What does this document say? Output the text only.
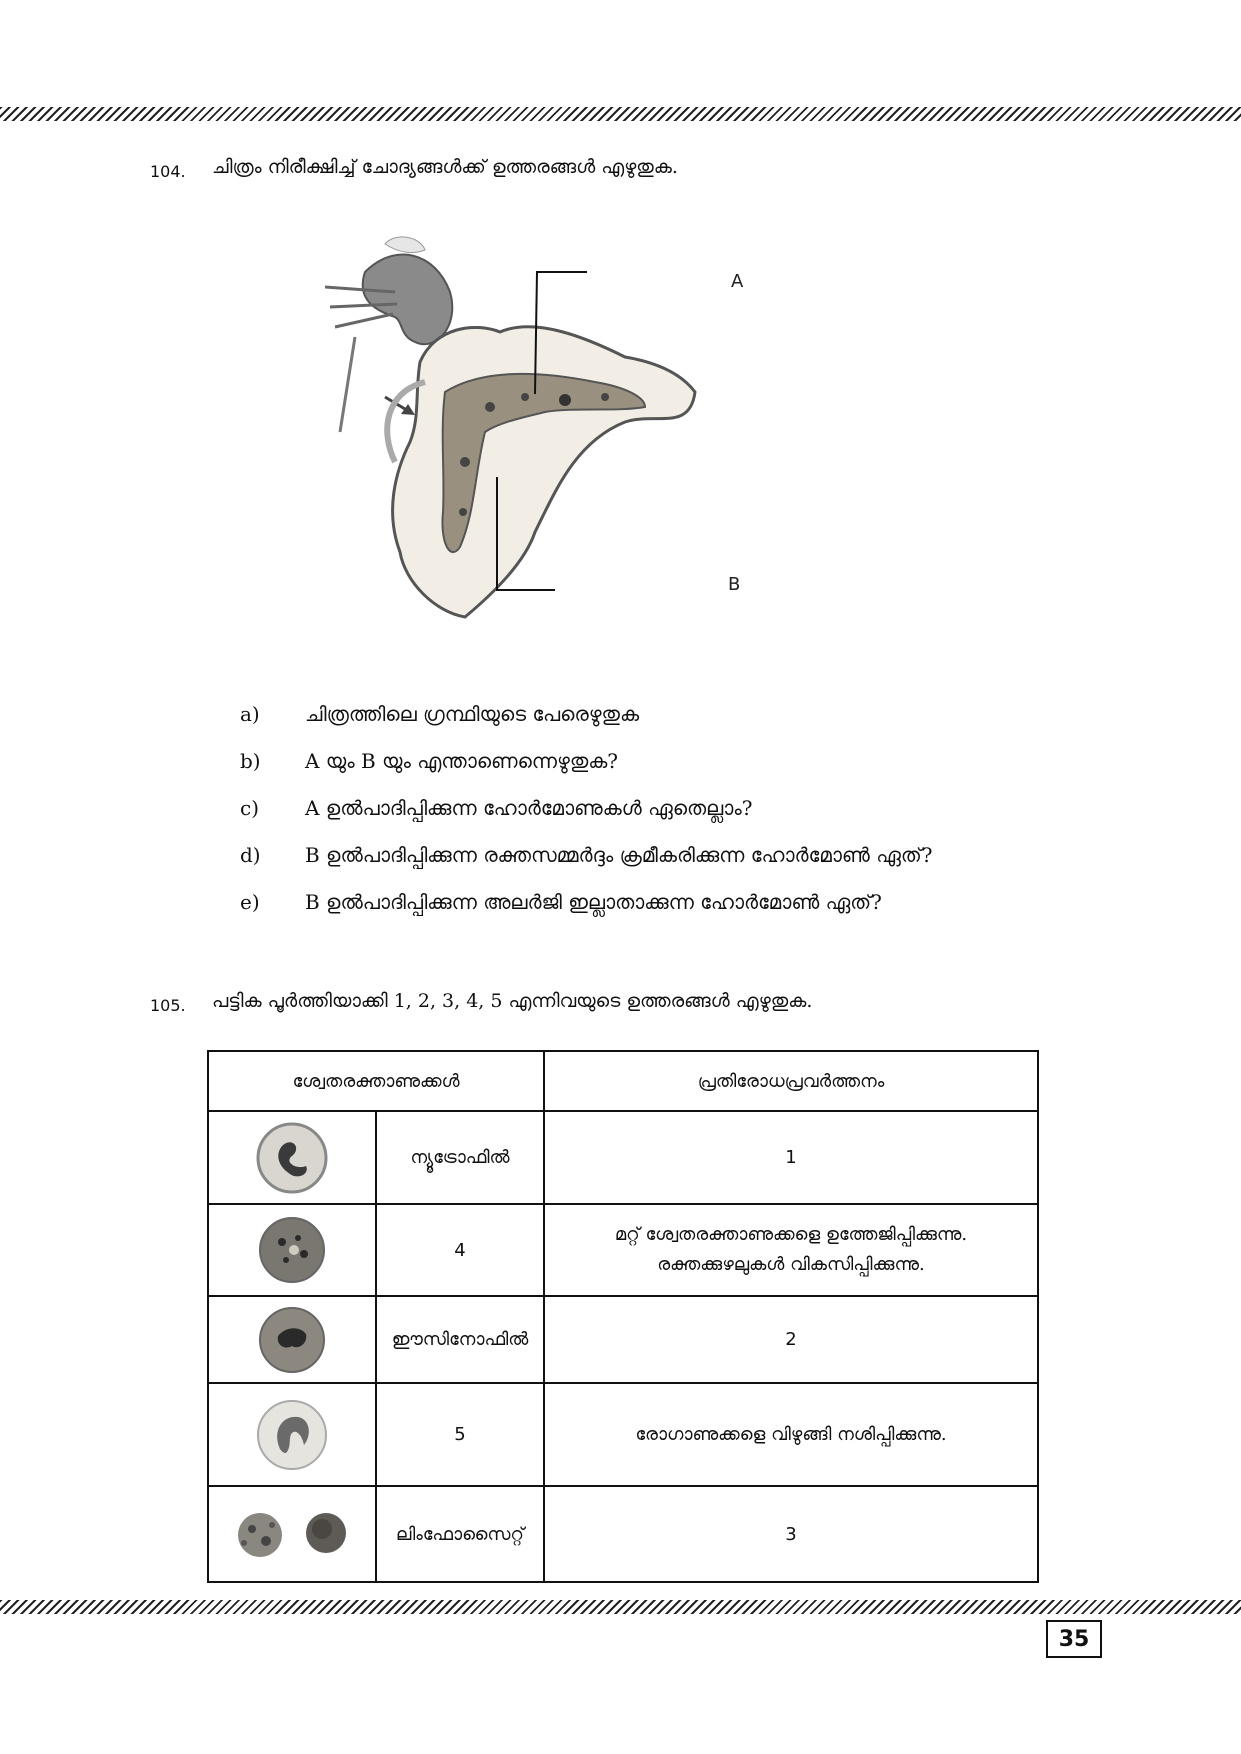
104. ചിത്രം നിരീക്ഷിച്ച് ചോദ്യങ്ങൾക്ക് ഉത്തരങ്ങൾ എഴുതുക.
A
B
a)	ചിത്രത്തിലെ ഗ്രന്ഥിയുടെ പേരെഴുതുക
b)	A യും B യും എന്താണെന്നെഴുതുക?
c)	A ഉൽപാദിപ്പിക്കുന്ന ഹോർമോണുകൾ ഏതെല്ലാം?
d)	B ഉൽപാദിപ്പിക്കുന്ന രക്തസമ്മർദ്ദം ക്രമീകരിക്കുന്ന ഹോർമോൺ ഏത്?
e)	B ഉൽപാദിപ്പിക്കുന്ന അലർജി ഇല്ലാതാക്കുന്ന ഹോർമോൺ ഏത്?
105. പട്ടിക പൂർത്തിയാക്കി 1, 2, 3, 4, 5 എന്നിവയുടെ ഉത്തരങ്ങൾ എഴുതുക.
ശ്വേതരക്താണുക്കൾ		പ്രതിരോധപ്രവർത്തനം

	ന്യൂട്രോഫിൽ	1

	4	മറ്റ് ശ്വേതരക്താണുക്കളെ ഉത്തേജിപ്പിക്കുന്നു.
രക്തക്കുഴലുകൾ വികസിപ്പിക്കുന്നു.

	ഈസിനോഫിൽ	2

	5	രോഗാണുക്കളെ വിഴുങ്ങി നശിപ്പിക്കുന്നു.

	ലിംഫോസൈറ്റ്	3
35
